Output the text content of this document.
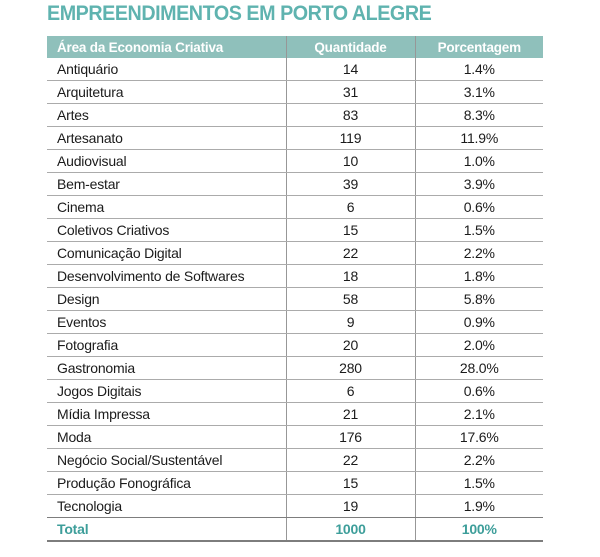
EMPREENDIMENTOS EM PORTO ALEGRE
Área da Economia Criativa	Quantidade	Porcentagem
Antiquário	14	1.4%
Arquitetura	31	3.1%
Artes	83	8.3%
Artesanato	119	11.9%
Audiovisual	10	1.0%
Bem-estar	39	3.9%
Cinema	6	0.6%
Coletivos Criativos	15	1.5%
Comunicação Digital	22	2.2%
Desenvolvimento de Softwares	18	1.8%
Design	58	5.8%
Eventos	9	0.9%
Fotografia	20	2.0%
Gastronomia	280	28.0%
Jogos Digitais	6	0.6%
Mídia Impressa	21	2.1%
Moda	176	17.6%
Negócio Social/Sustentável	22	2.2%
Produção Fonográfica	15	1.5%
Tecnologia	19	1.9%
Total	1000	100%
